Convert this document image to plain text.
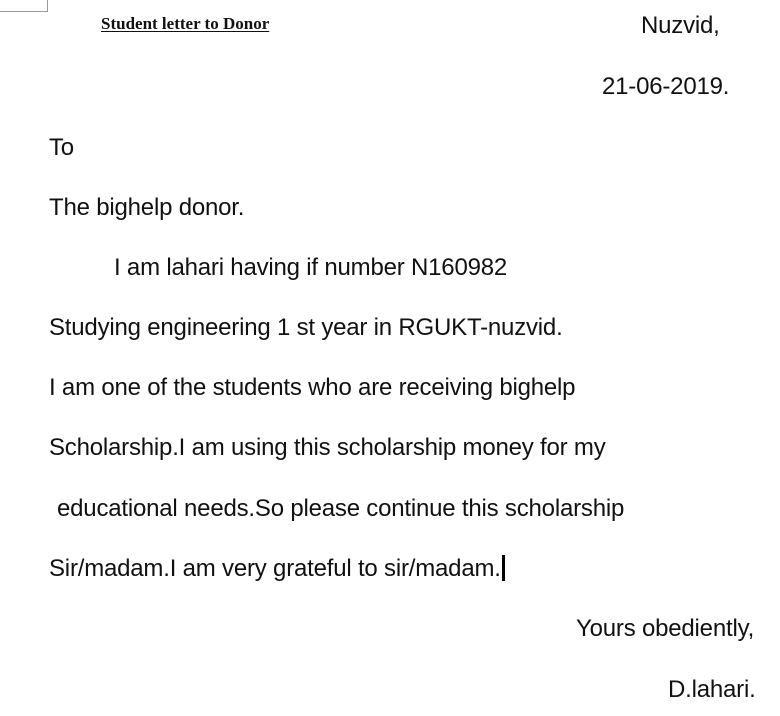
Student letter to Donor	Nuzvid,
21-06-2019.
To
The bighelp donor.
I am lahari having if number N160982
Studying engineering 1 st year in RGUKT-nuzvid.
I am one of the students who are receiving bighelp
Scholarship.I am using this scholarship money for my
educational needs.So please continue this scholarship
Sir/madam.I am very grateful to sir/madam.
Yours obediently,
D.lahari.
